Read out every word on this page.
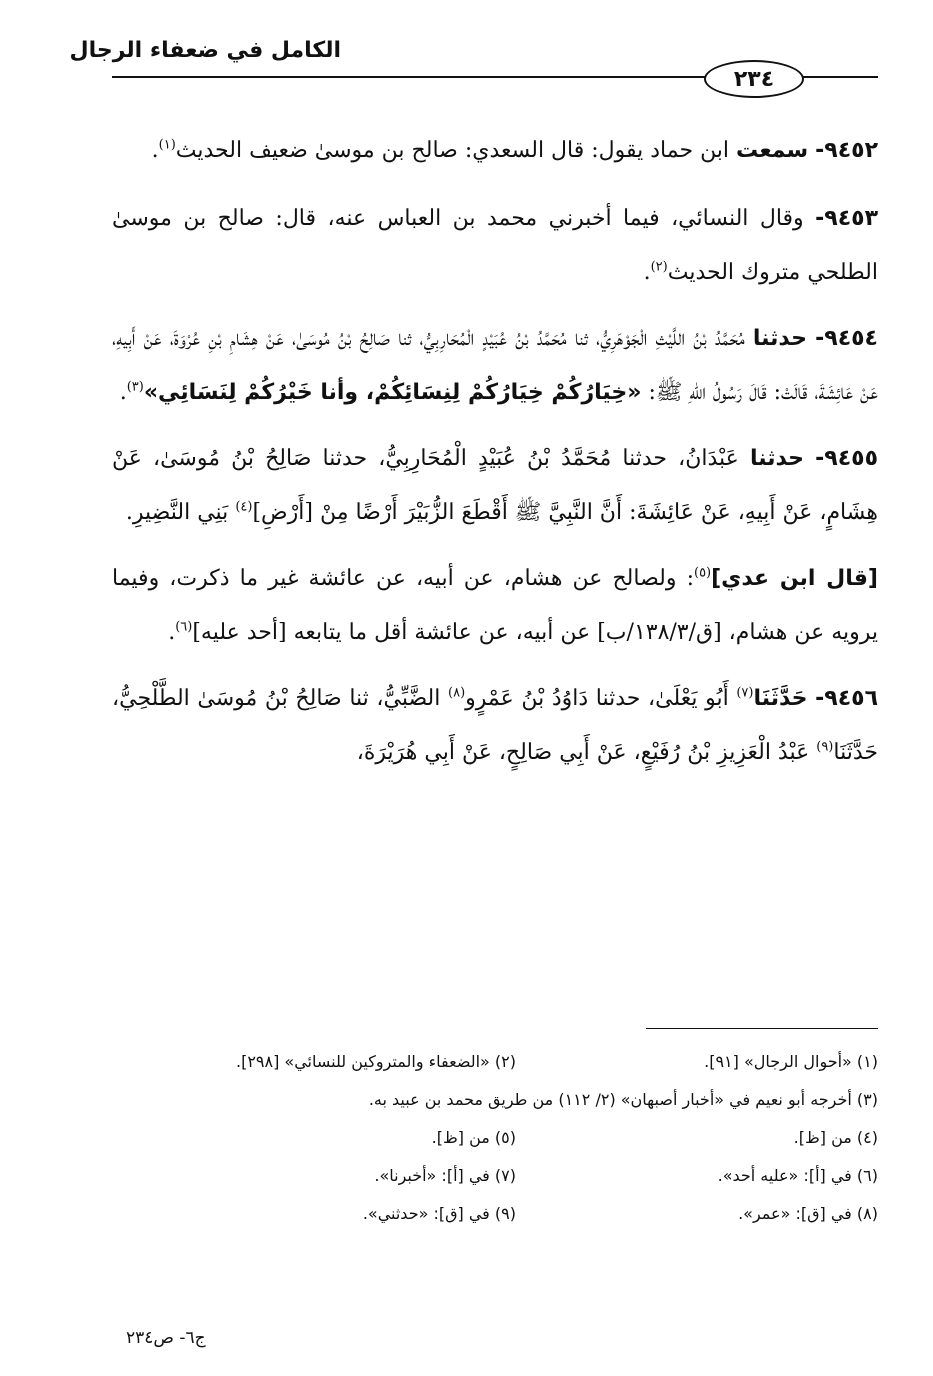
الكامل في ضعفاء الرجال
٢٣٤

٩٤٥٢- سمعت ابن حماد يقول: قال السعدي: صالح بن موسىٰ ضعيف الحديث$^{(١)}$.

٩٤٥٣- وقال النسائي، فيما أخبرني محمد بن العباس عنه، قال: صالح بن موسىٰ الطلحي متروك الحديث$^{(٢)}$.

٩٤٥٤- حدثنا مُحَمَّدُ بْنُ اللَّيْثِ الْجَوْهَرِيُّ، ثنا مُحَمَّدُ بْنُ عُبَيْدٍ الْمُحَارِبِيُّ، ثنا صَالِحُ بْنُ مُوسَىٰ، عَنْ هِشَامِ بْنِ عُرْوَةَ، عَنْ أَبِيهِ، عَنْ عَائِشَةَ، قَالَتْ: قَالَ رَسُولُ اللهِ ﷺ: «خِيَارُكُمْ خِيَارُكُمْ لِنِسَائِكُمْ، وأنا خَيْرُكُمْ لِنَسَائِي»$^{(٣)}$.

٩٤٥٥- حدثنا عَبْدَانُ، حدثنا مُحَمَّدُ بْنُ عُبَيْدٍ الْمُحَارِبِيُّ، حدثنا صَالِحُ بْنُ مُوسَىٰ، عَنْ هِشَامٍ، عَنْ أَبِيهِ، عَنْ عَائِشَةَ: أَنَّ النَّبِيَّ ﷺ أَقْطَعَ الزُّبَيْرَ أَرْضًا مِنْ [أَرْضِ]$^{(٤)}$ بَنِي النَّضِيرِ.

[قال ابن عدي]$^{(٥)}$: ولصالح عن هشام، عن أبيه، عن عائشة غير ما ذكرت، وفيما يرويه عن هشام، [ق/١٣٨/٣/ب] عن أبيه، عن عائشة أقل ما يتابعه [أحد عليه]$^{(٦)}$.

٩٤٥٦- حَدَّثَنَا$^{(٧)}$ أَبُو يَعْلَىٰ، حدثنا دَاوُدُ بْنُ عَمْرٍو$^{(٨)}$ الضَّبِّيُّ، ثنا صَالِحُ بْنُ مُوسَىٰ الطَّلْحِيُّ، حَدَّثَنَا$^{(٩)}$ عَبْدُ الْعَزِيزِ بْنُ رُفَيْعٍ، عَنْ أَبِي صَالِحٍ، عَنْ أَبِي هُرَيْرَةَ،

(١) «أحوال الرجال» [٩١].
(٢) «الضعفاء والمتروكين للنسائي» [٢٩٨].
(٣) أخرجه أبو نعيم في «أخبار أصبهان» (٢/ ١١٢) من طريق محمد بن عبيد به.
(٤) من [ظ].
(٥) من [ظ].
(٦) في [أ]: «عليه أحد».
(٧) في [أ]: «أخبرنا».
(٨) في [ق]: «عمر».
(٩) في [ق]: «حدثني».
ج٦- ص٢٣٤
